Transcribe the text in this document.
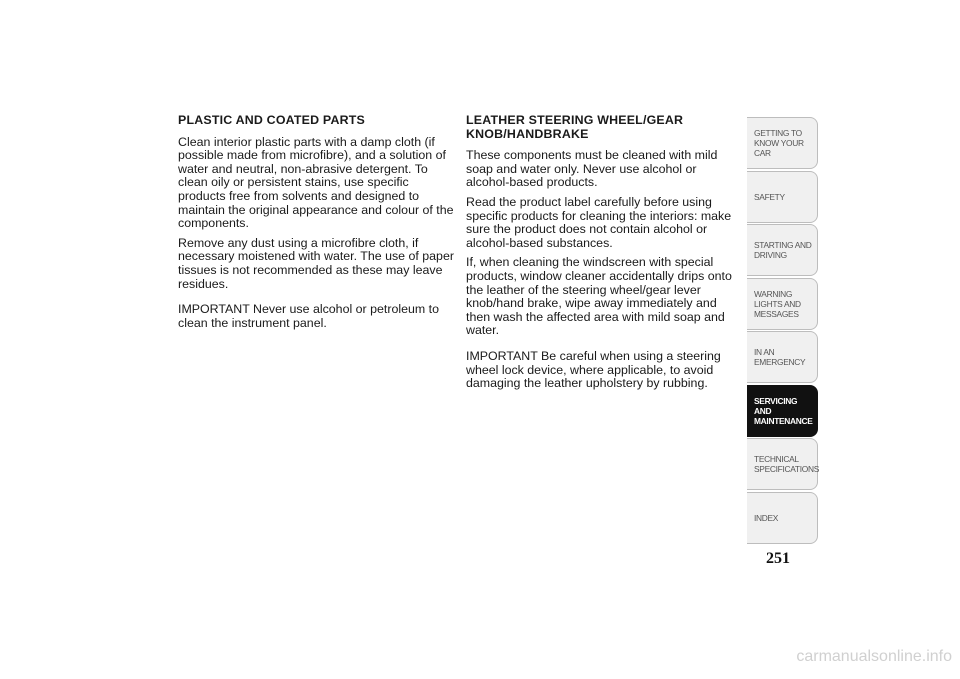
PLASTIC AND COATED PARTS

Clean interior plastic parts with a damp cloth (if possible made from microfibre), and a solution of water and neutral, non-abrasive detergent. To clean oily or persistent stains, use specific products free from solvents and designed to maintain the original appearance and colour of the components.

Remove any dust using a microfibre cloth, if necessary moistened with water. The use of paper tissues is not recommended as these may leave residues.

IMPORTANT Never use alcohol or petroleum to clean the instrument panel.

LEATHER STEERING WHEEL/GEAR KNOB/HANDBRAKE

These components must be cleaned with mild soap and water only. Never use alcohol or alcohol-based products.

Read the product label carefully before using specific products for cleaning the interiors: make sure the product does not contain alcohol or alcohol-based substances.

If, when cleaning the windscreen with special products, window cleaner accidentally drips onto the leather of the steering wheel/gear lever knob/hand brake, wipe away immediately and then wash the affected area with mild soap and water.

IMPORTANT Be careful when using a steering wheel lock device, where applicable, to avoid damaging the leather upholstery by rubbing.

GETTING TO KNOW YOUR CAR
SAFETY
STARTING AND DRIVING
WARNING LIGHTS AND MESSAGES
IN AN EMERGENCY
SERVICING AND MAINTENANCE
TECHNICAL SPECIFICATIONS
INDEX
251
carmanualsonline.info
